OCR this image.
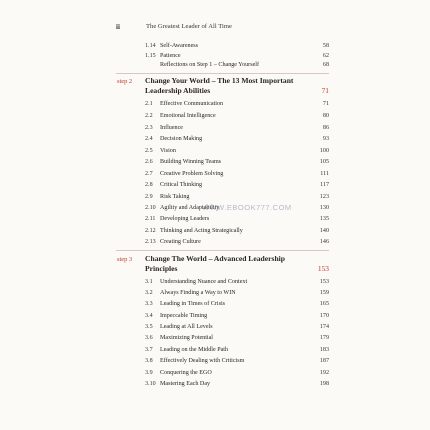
ii	The Greatest Leader of All Time
1.14 Self-Awareness	58
1.15 Patience	62
Reflections on Step 1 – Change Yourself	68
step 2 Change Your World – The 13 Most Important
Leadership Abilities	71
2.1 Effective Communication	71
2.2 Emotional Intelligence	80
2.3 Influence	86
2.4 Decision Making	93
2.5 Vision	100
2.6 Building Winning Teams	105
2.7 Creative Problem Solving	111
2.8 Critical Thinking	117
2.9 Risk Taking	123
2.10 Agility and Adaptability	130
2.11 Developing Leaders	135
2.12 Thinking and Acting Strategically	140
2.13 Creating Culture	146
step 3 Change The World – Advanced Leadership
Principles	153
3.1 Understanding Nuance and Context	153
3.2 Always Finding a Way to WIN	159
3.3 Leading in Times of Crisis	165
3.4 Impeccable Timing	170
3.5 Leading at All Levels	174
3.6 Maximizing Potential	179
3.7 Leading on the Middle Path	183
3.8 Effectively Dealing with Criticism	187
3.9 Conquering the EGO	192
3.10 Mastering Each Day	198
WWW.EBOOK777.COM
